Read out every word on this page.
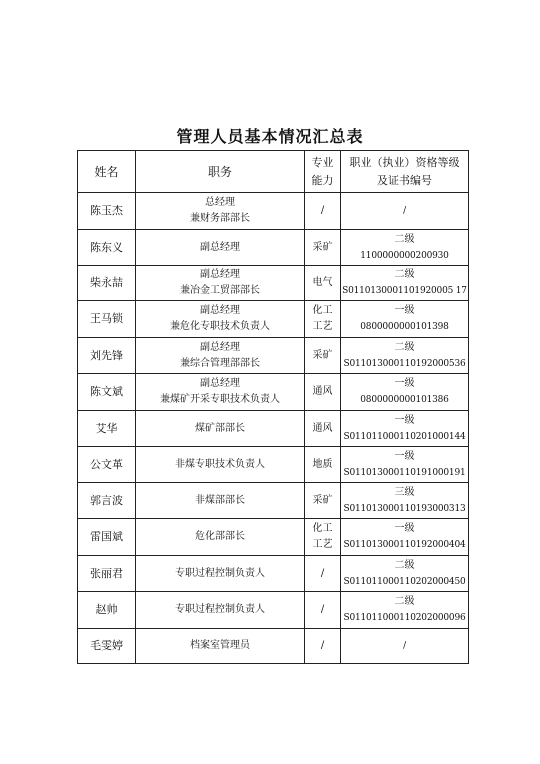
管理人员基本情况汇总表
姓名	职务	专业
能力	职业（执业）资格等级
及证书编号

陈玉杰	总经理
兼财务部部长	/	/

陈东义	副总经理	采矿	二级
1100000000200930

柴永喆	副总经理
兼冶金工贸部部长	电气	二级
S0110130001101920005 17

王马锁	副总经理
兼危化专职技术负责人	化工
工艺	一级
0800000000101398

刘先锋	副总经理
兼综合管理部部长	采矿	二级
S011013000110192000536

陈文斌	副总经理
兼煤矿开采专职技术负责人	通风	一级
0800000000101386

艾华	煤矿部部长	通风	一级
S011011000110201000144

公文革	非煤专职技术负责人	地质	一级
S011013000110191000191

郭言波	非煤部部长	采矿	三级
S011013000110193000313

雷国斌	危化部部长	化工
工艺	一级
S011013000110192000404

张丽君	专职过程控制负责人	/	二级
S011011000110202000450

赵帅	专职过程控制负责人	/	二级
S011011000110202000096

毛雯婷	档案室管理员	/	/
